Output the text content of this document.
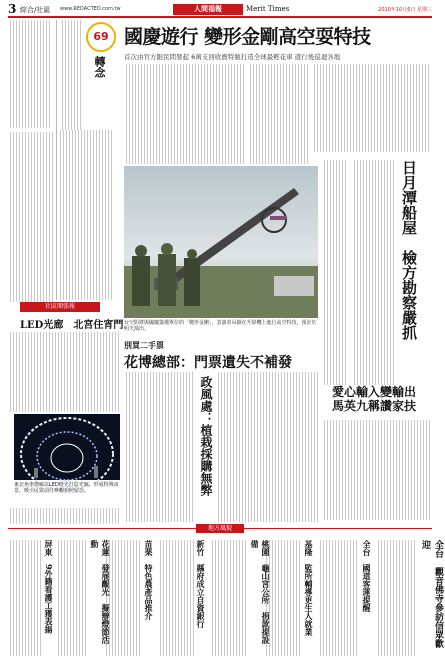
3 綜合/社區 www.REDACTED.com.tw	人間福報	Merit Times	2010年10月6日 星期三
69
轉念
國慶遊行 變形金剛高空耍特技
首次由官方跟民間發起 6萬支回收寶特瓶打造全球最輕花車 遊行後巡迴各地
日月潭船屋　檢方勘察嚴抓
愛心輸入變輸出 馬英九稱讚家扶
台空防將與國慶籌備單位的「變形金剛」，表演者吊掛在升降機上進行高空特技，預計於明天演出。
別買二手票
花博總部：門票遺失不補發
政風處：植栽採購無弊
社區開張報
LED光廊　北宮住宵門
東北角車燈廊以LED燈光打造光廊，形成特殊夜景，吸引民眾前往參觀拍照留念。
地方風貌
全台　觀音佛寺參訪信眾歡迎
全台　國道客運提醒
基隆　監所輔導更生人就業
桃園　龜山宮公所　捐款提設備
新竹　縣府成立自資銀行
苗栗　特色農產品推介
花蓮　發展觀光　擬辦燈節活動
屏東　9外籍看護工獲表揚
